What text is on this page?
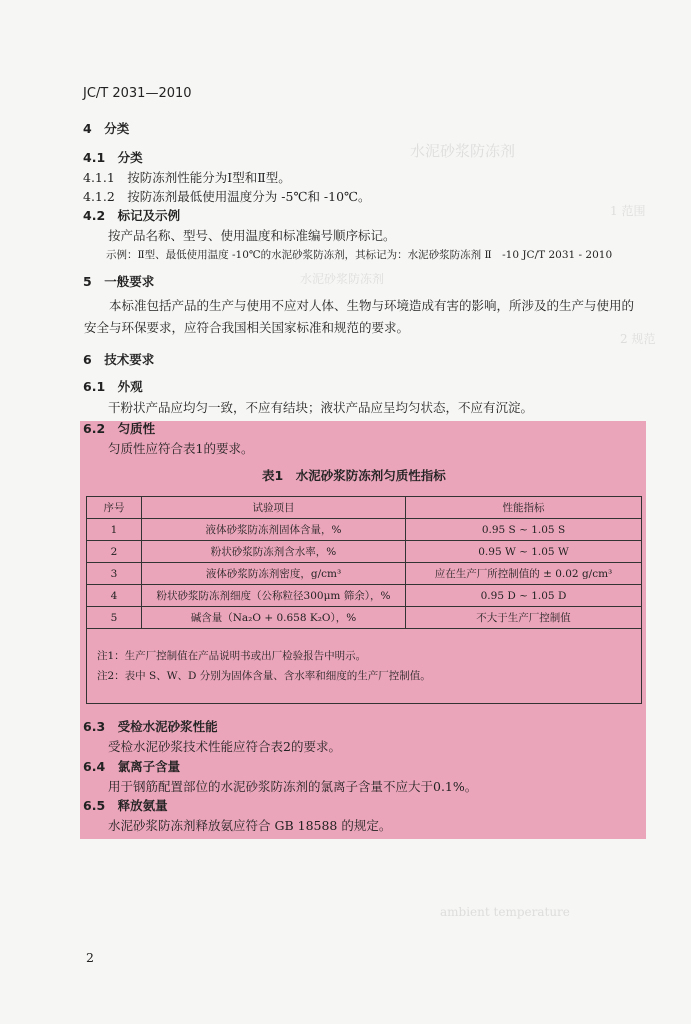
水泥砂浆防冻剂
1 范围
水泥砂浆防冻剂
2 规范
ambient temperature
JC/T 2031—2010
4　分类
4.1　分类
4.1.1　按防冻剂性能分为Ⅰ型和Ⅱ型。
4.1.2　按防冻剂最低使用温度分为 -5℃和 -10℃。
4.2　标记及示例
按产品名称、型号、使用温度和标准编号顺序标记。
示例：Ⅱ型、最低使用温度 -10℃的水泥砂浆防冻剂，其标记为：水泥砂浆防冻剂 Ⅱ　-10 JC/T 2031 - 2010
5　一般要求
本标准包括产品的生产与使用不应对人体、生物与环境造成有害的影响，所涉及的生产与使用的安全与环保要求，应符合我国相关国家标准和规范的要求。
6　技术要求
6.1　外观
干粉状产品应均匀一致，不应有结块；液状产品应呈均匀状态，不应有沉淀。
6.2　匀质性
匀质性应符合表1的要求。
表1　水泥砂浆防冻剂匀质性指标
序号	试验项目	性能指标
1	液体砂浆防冻剂固体含量，%	0.95 S ~ 1.05 S
2	粉状砂浆防冻剂含水率，%	0.95 W ~ 1.05 W
3	液体砂浆防冻剂密度，g/cm³	应在生产厂所控制值的 ± 0.02 g/cm³
4	粉状砂浆防冻剂细度（公称粒径300μm 筛余），%	0.95 D ~ 1.05 D
5	碱含量（Na₂O + 0.658 K₂O），%	不大于生产厂控制值

注1：生产厂控制值在产品说明书或出厂检验报告中明示。
注2：表中 S、W、D 分别为固体含量、含水率和细度的生产厂控制值。		
6.3　受检水泥砂浆性能
受检水泥砂浆技术性能应符合表2的要求。
6.4　氯离子含量
用于钢筋配置部位的水泥砂浆防冻剂的氯离子含量不应大于0.1%。
6.5　释放氨量
水泥砂浆防冻剂释放氨应符合 GB 18588 的规定。
2
